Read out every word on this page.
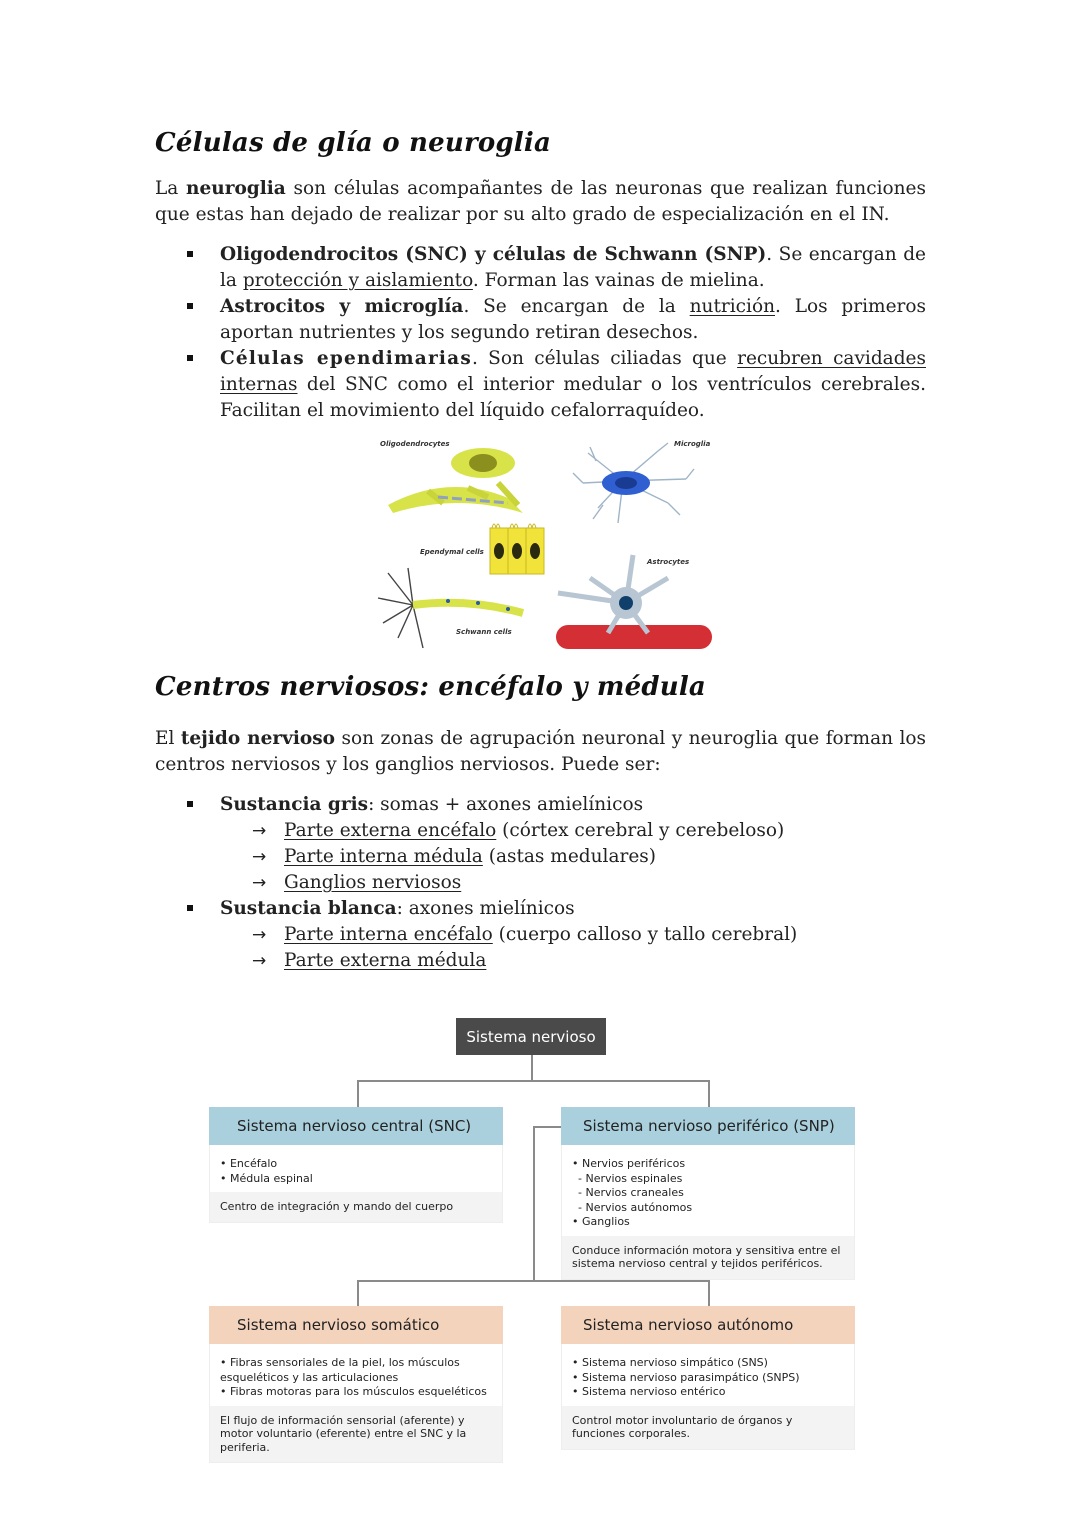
Células de glía o neuroglia

La neuroglia son células acompañantes de las neuronas que realizan funciones que estas han dejado de realizar por su alto grado de especialización en el IN.

Oligodendrocitos (SNC) y células de Schwann (SNP). Se encargan de la protección y aislamiento. Forman las vainas de mielina.
Astrocitos y microglía. Se encargan de la nutrición. Los primeros aportan nutrientes y los segundo retiran desechos.
Células ependimarias. Son células ciliadas que recubren cavidades internas del SNC como el interior medular o los ventrículos cerebrales. Facilitan el movimiento del líquido cefalorraquídeo.
Oligodendrocytes	Microglia
Ependymal cells
Astrocytes
Schwann cells
Centros nerviosos: encéfalo y médula

El tejido nervioso son zonas de agrupación neuronal y neuroglia que forman los centros nerviosos y los ganglios nerviosos. Puede ser:

Sustancia gris: somas + axones amielínicos
→ Parte externa encéfalo (córtex cerebral y cerebeloso)
→ Parte interna médula (astas medulares)
→ Ganglios nerviosos
Sustancia blanca: axones mielínicos
→ Parte interna encéfalo (cuerpo calloso y tallo cerebral)
→ Parte externa médula
Sistema nervioso
Sistema nervioso central (SNC)
• Encéfalo
• Médula espinal
Centro de integración y mando del cuerpo
Sistema nervioso periférico (SNP)
• Nervios periféricos
- Nervios espinales
- Nervios craneales
- Nervios autónomos
• Ganglios
Conduce información motora y sensitiva entre el sistema nervioso central y tejidos periféricos.
Sistema nervioso somático
• Fibras sensoriales de la piel, los músculos esqueléticos y las articulaciones
• Fibras motoras para los músculos esqueléticos
El flujo de información sensorial (aferente) y motor voluntario (eferente) entre el SNC y la periferia.
Sistema nervioso autónomo
• Sistema nervioso simpático (SNS)
• Sistema nervioso parasimpático (SNPS)
• Sistema nervioso entérico
Control motor involuntario de órganos y funciones corporales.
